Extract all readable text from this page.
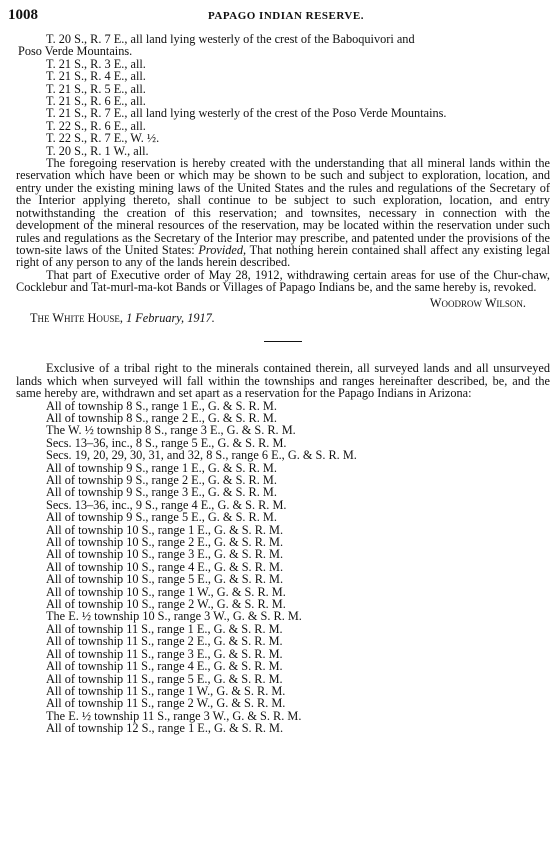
1008	PAPAGO INDIAN RESERVE.

T. 20 S., R. 7 E., all land lying westerly of the crest of the Baboquivori and

Poso Verde Mountains.

T. 21 S., R. 3 E., all.

T. 21 S., R. 4 E., all.

T. 21 S., R. 5 E., all.

T. 21 S., R. 6 E., all.

T. 21 S., R. 7 E., all land lying westerly of the crest of the Poso Verde Mountains.

T. 22 S., R. 6 E., all.

T. 22 S., R. 7 E., W. ½.

T. 20 S., R. 1 W., all.

The foregoing reservation is hereby created with the understanding that all mineral lands within the reservation which have been or which may be shown to be such and subject to exploration, location, and entry under the existing mining laws of the United States and the rules and regulations of the Secretary of the Interior applying thereto, shall continue to be subject to such exploration, location, and entry notwithstanding the creation of this reservation; and townsites, necessary in connection with the development of the mineral resources of the reservation, may be located within the reservation under such rules and regulations as the Secretary of the Interior may prescribe, and patented under the provisions of the town-site laws of the United States: Provided, That nothing herein contained shall affect any existing legal right of any person to any of the lands herein described.

That part of Executive order of May 28, 1912, withdrawing certain areas for use of the Chur-chaw, Cocklebur and Tat-murl-ma-kot Bands or Villages of Papago Indians be, and the same hereby is, revoked.

Woodrow Wilson.

The White House, 1 February, 1917.

Exclusive of a tribal right to the minerals contained therein, all surveyed lands and all unsurveyed lands which when surveyed will fall within the townships and ranges hereinafter described, be, and the same hereby are, withdrawn and set apart as a reservation for the Papago Indians in Arizona:

All of township 8 S., range 1 E., G. & S. R. M.

All of township 8 S., range 2 E., G. & S. R. M.

The W. ½ township 8 S., range 3 E., G. & S. R. M.

Secs. 13–36, inc., 8 S., range 5 E., G. & S. R. M.

Secs. 19, 20, 29, 30, 31, and 32, 8 S., range 6 E., G. & S. R. M.

All of township 9 S., range 1 E., G. & S. R. M.

All of township 9 S., range 2 E., G. & S. R. M.

All of township 9 S., range 3 E., G. & S. R. M.

Secs. 13–36, inc., 9 S., range 4 E., G. & S. R. M.

All of township 9 S., range 5 E., G. & S. R. M.

All of township 10 S., range 1 E., G. & S. R. M.

All of township 10 S., range 2 E., G. & S. R. M.

All of township 10 S., range 3 E., G. & S. R. M.

All of township 10 S., range 4 E., G. & S. R. M.

All of township 10 S., range 5 E., G. & S. R. M.

All of township 10 S., range 1 W., G. & S. R. M.

All of township 10 S., range 2 W., G. & S. R. M.

The E. ½ township 10 S., range 3 W., G. & S. R. M.

All of township 11 S., range 1 E., G. & S. R. M.

All of township 11 S., range 2 E., G. & S. R. M.

All of township 11 S., range 3 E., G. & S. R. M.

All of township 11 S., range 4 E., G. & S. R. M.

All of township 11 S., range 5 E., G. & S. R. M.

All of township 11 S., range 1 W., G. & S. R. M.

All of township 11 S., range 2 W., G. & S. R. M.

The E. ½ township 11 S., range 3 W., G. & S. R. M.

All of township 12 S., range 1 E., G. & S. R. M.
